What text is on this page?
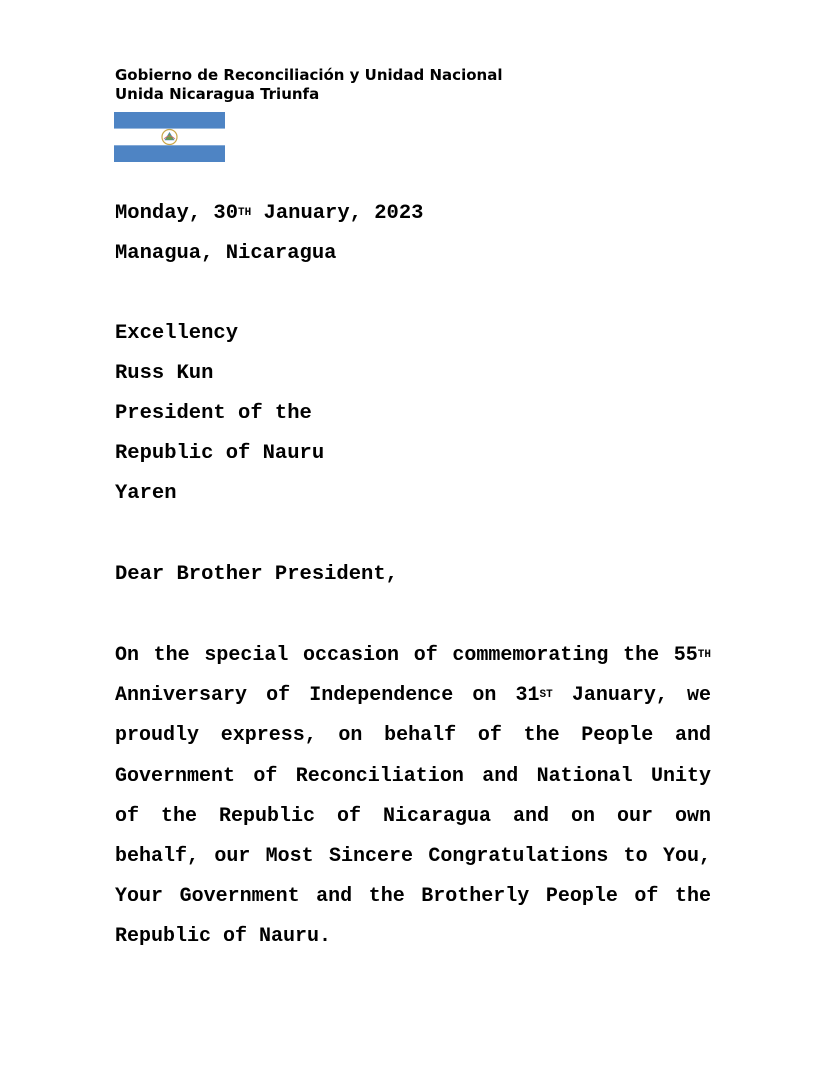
Gobierno de Reconciliación y Unidad Nacional
Unida Nicaragua Triunfa
Monday, 30TH January, 2023
Managua, Nicaragua
Excellency
Russ Kun
President of the
Republic of Nauru
Yaren
Dear Brother President,
On the special occasion of commemorating the 55TH Anniversary of Independence on 31ST January, we proudly express, on behalf of the People and Government of Reconciliation and National Unity of the Republic of Nicaragua and on our own behalf, our Most Sincere Congratulations to You, Your Government and the Brotherly People of the Republic of Nauru.
